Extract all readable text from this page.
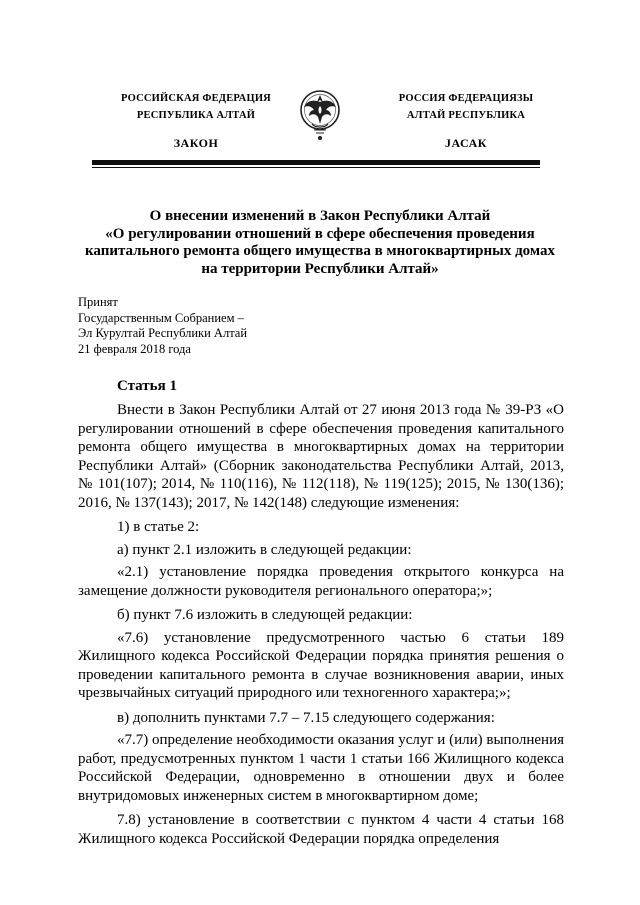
РОССИЙСКАЯ ФЕДЕРАЦИЯ
РЕСПУБЛИКА АЛТАЙ
ЗАКОН
РОССИЯ ФЕДЕРАЦИЯЗЫ
АЛТАЙ РЕСПУБЛИКА
JАСАК
О внесении изменений в Закон Республики Алтай
«О регулировании отношений в сфере обеспечения проведения
капитального ремонта общего имущества в многоквартирных домах
на территории Республики Алтай»
Принят
Государственным Собранием –
Эл Курултай Республики Алтай
21 февраля 2018 года
Статья 1

Внести в Закон Республики Алтай от 27 июня 2013 года № 39-РЗ «О регулировании отношений в сфере обеспечения проведения капитального ремонта общего имущества в многоквартирных домах на территории Республики Алтай» (Сборник законодательства Республики Алтай, 2013, № 101(107); 2014, № 110(116), № 112(118), № 119(125); 2015, № 130(136); 2016, № 137(143); 2017, № 142(148) следующие изменения:

1) в статье 2:

а) пункт 2.1 изложить в следующей редакции:

«2.1) установление порядка проведения открытого конкурса на замещение должности руководителя регионального оператора;»;

б) пункт 7.6 изложить в следующей редакции:

«7.6) установление предусмотренного частью 6 статьи 189 Жилищного кодекса Российской Федерации порядка принятия решения о проведении капитального ремонта в случае возникновения аварии, иных чрезвычайных ситуаций природного или техногенного характера;»;

в) дополнить пунктами 7.7 – 7.15 следующего содержания:

«7.7) определение необходимости оказания услуг и (или) выполнения работ, предусмотренных пунктом 1 части 1 статьи 166 Жилищного кодекса Российской Федерации, одновременно в отношении двух и более внутридомовых инженерных систем в многоквартирном доме;

7.8) установление в соответствии с пунктом 4 части 4 статьи 168 Жилищного кодекса Российской Федерации порядка определения
